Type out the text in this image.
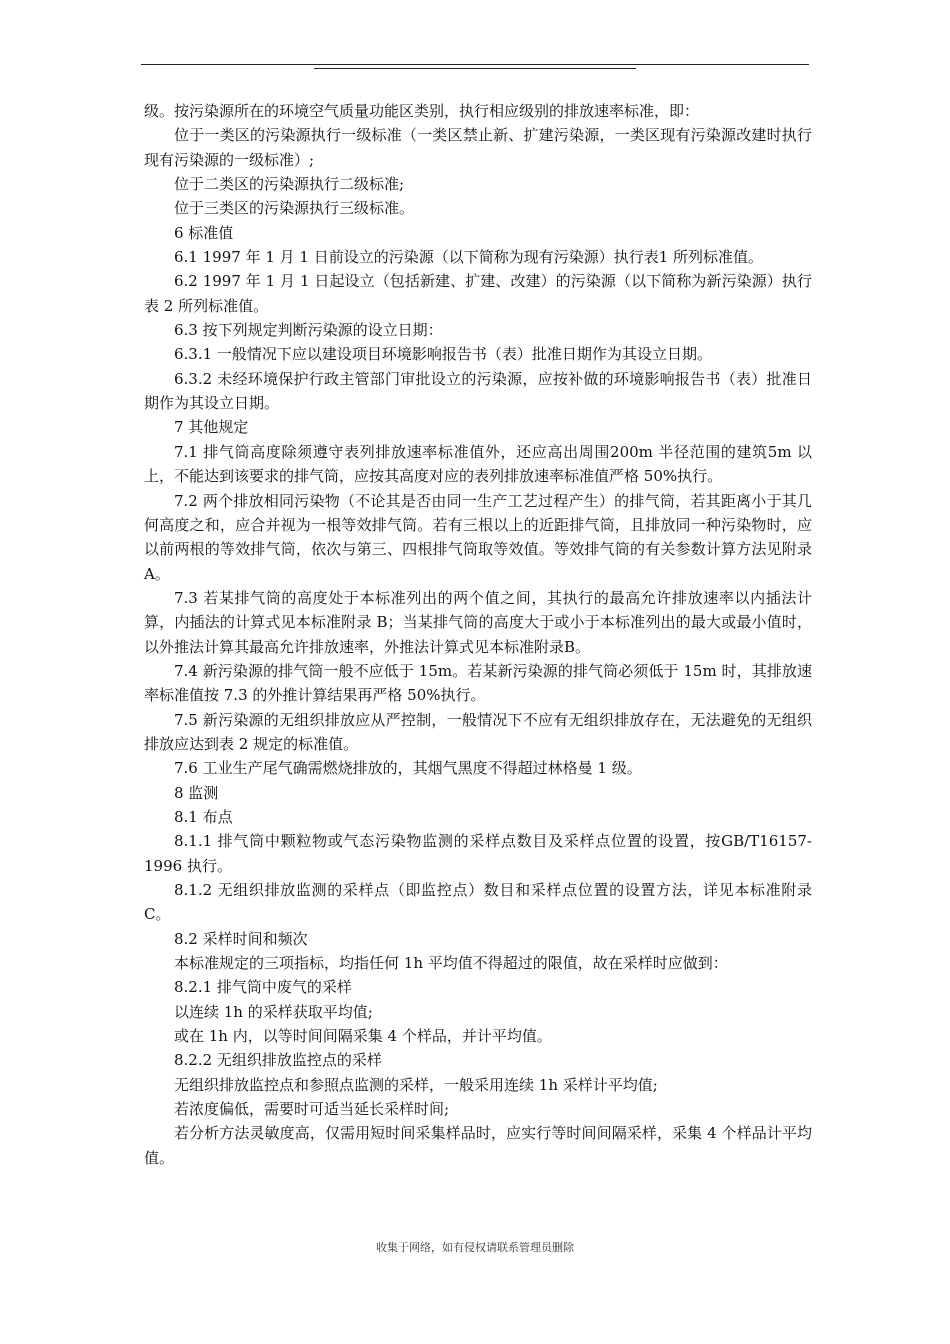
级。按污染源所在的环境空气质量功能区类别，执行相应级别的排放速率标准，即：

位于一类区的污染源执行一级标准（一类区禁止新、扩建污染源，一类区现有污染源改建时执行现有污染源的一级标准）;

位于二类区的污染源执行二级标准;

位于三类区的污染源执行三级标准。

6 标准值

6.1 1997 年 1 月 1 日前设立的污染源（以下简称为现有污染源）执行表1 所列标准值。

6.2 1997 年 1 月 1 日起设立（包括新建、扩建、改建）的污染源（以下简称为新污染源）执行表 2 所列标准值。

6.3 按下列规定判断污染源的设立日期：

6.3.1 一般情况下应以建设项目环境影响报告书（表）批准日期作为其设立日期。

6.3.2 未经环境保护行政主管部门审批设立的污染源，应按补做的环境影响报告书（表）批准日期作为其设立日期。

7 其他规定

7.1 排气筒高度除须遵守表列排放速率标准值外，还应高出周围200m 半径范围的建筑5m 以上，不能达到该要求的排气筒，应按其高度对应的表列排放速率标准值严格 50%执行。

7.2 两个排放相同污染物（不论其是否由同一生产工艺过程产生）的排气筒，若其距离小于其几何高度之和，应合并视为一根等效排气筒。若有三根以上的近距排气筒，且排放同一种污染物时，应以前两根的等效排气筒，依次与第三、四根排气筒取等效值。等效排气筒的有关参数计算方法见附录 A。

7.3 若某排气筒的高度处于本标准列出的两个值之间，其执行的最高允许排放速率以内插法计算，内插法的计算式见本标准附录 B；当某排气筒的高度大于或小于本标准列出的最大或最小值时，以外推法计算其最高允许排放速率，外推法计算式见本标准附录B。

7.4 新污染源的排气筒一般不应低于 15m。若某新污染源的排气筒必须低于 15m 时，其排放速率标准值按 7.3 的外推计算结果再严格 50%执行。

7.5 新污染源的无组织排放应从严控制，一般情况下不应有无组织排放存在，无法避免的无组织排放应达到表 2 规定的标准值。

7.6 工业生产尾气确需燃烧排放的，其烟气黑度不得超过林格曼 1 级。

8 监测

8.1 布点

8.1.1 排气筒中颗粒物或气态污染物监测的采样点数目及采样点位置的设置，按GB/T16157-1996 执行。

8.1.2 无组织排放监测的采样点（即监控点）数目和采样点位置的设置方法，详见本标准附录 C。

8.2 采样时间和频次

本标准规定的三项指标，均指任何 1h 平均值不得超过的限值，故在采样时应做到：

8.2.1 排气筒中废气的采样

以连续 1h 的采样获取平均值;

或在 1h 内，以等时间间隔采集 4 个样品，并计平均值。

8.2.2 无组织排放监控点的采样

无组织排放监控点和参照点监测的采样，一般采用连续 1h 采样计平均值;

若浓度偏低，需要时可适当延长采样时间;

若分析方法灵敏度高，仅需用短时间采集样品时，应实行等时间间隔采样，采集 4 个样品计平均值。

收集于网络，如有侵权请联系管理员删除
